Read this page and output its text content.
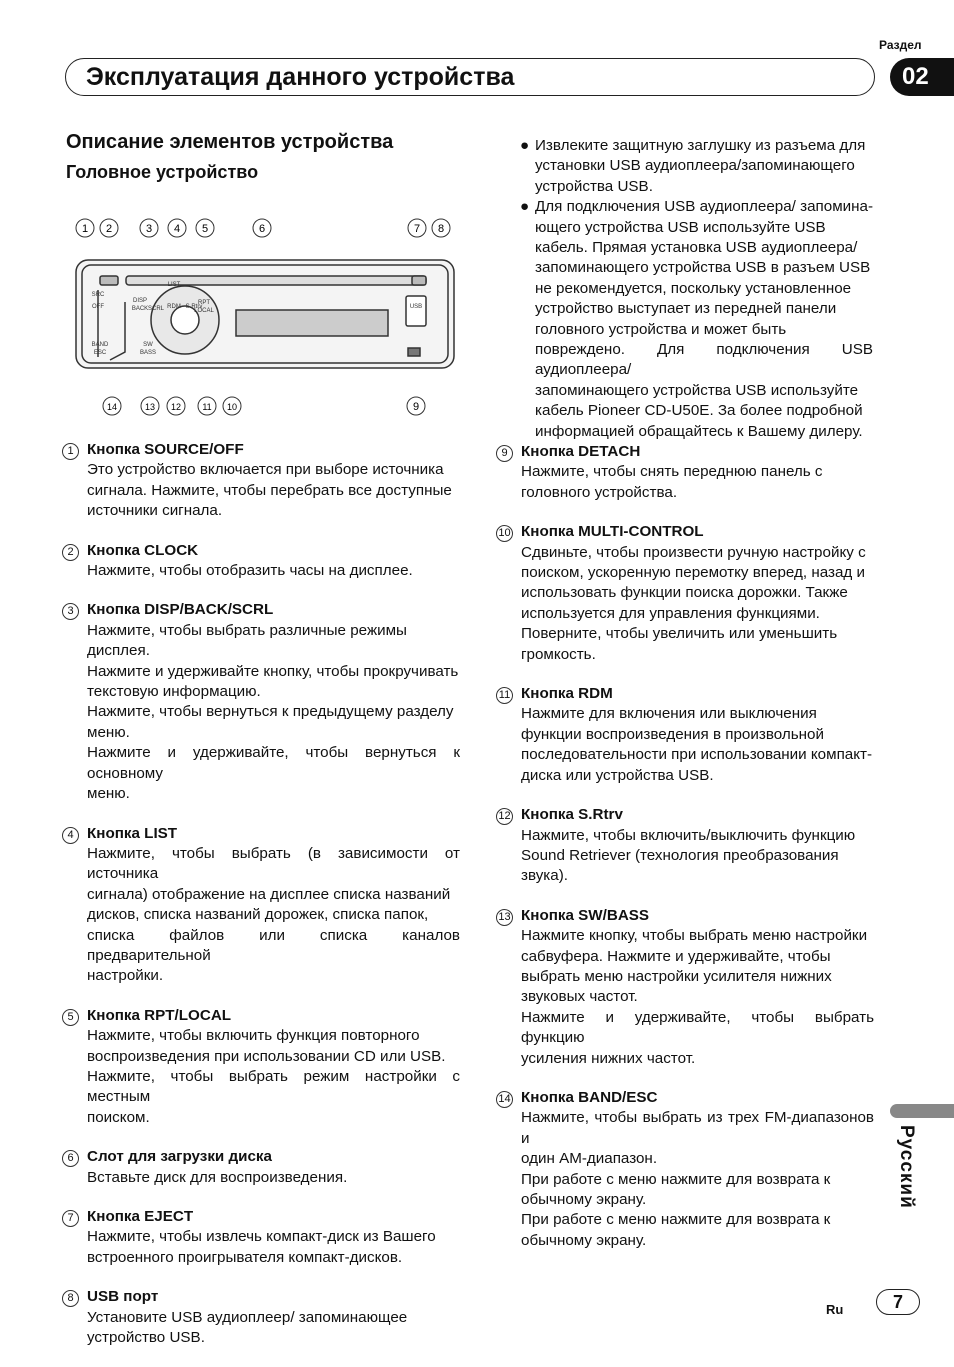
Раздел
Эксплуатация данного устройства	02
Описание элементов устройства
Головное устройство
1 2	3 4 5	6	7 8
14	13 12 11 10	9
SRC
OFF
DISP
BACK SCRL RDM S.Rtrv
SW
BASS
BAND
ESC
USB
LIST
RPT
LOCAL
● Извлеките защитную заглушку из разъема для
установки USB аудиоплеера/запоминающего
устройства USB.
● Для подключения USB аудиоплеера/ запомина-
ющего устройства USB используйте USB
кабель. Прямая установка USB аудиоплеера/
запоминающего устройства USB в разъем USB
не рекомендуется, поскольку установленное
устройство выступает из передней панели
головного устройства и может быть
повреждено. Для подключения USB аудиоплеера/
запоминающего устройства USB используйте
кабель Pioneer CD-U50E. За более подробной
информацией обращайтесь к Вашему дилеру.
1 Кнопка SOURCE/OFF
Это устройство включается при выборе источника
сигнала. Нажмите, чтобы перебрать все доступные
источники сигнала.
2 Кнопка CLOCK
Нажмите, чтобы отобразить часы на дисплее.
3 Кнопка DISP/BACK/SCRL
Нажмите, чтобы выбрать различные режимы
дисплея.
Нажмите и удерживайте кнопку, чтобы прокручивать
текстовую информацию.
Нажмите, чтобы вернуться к предыдущему разделу
меню.
Нажмите и удерживайте, чтобы вернуться к основному
меню.
4 Кнопка LIST
Нажмите, чтобы выбрать (в зависимости от источника
сигнала) отображение на дисплее списка названий
дисков, списка названий дорожек, списка папок,
списка файлов или списка каналов предварительной
настройки.
5 Кнопка RPT/LOCAL
Нажмите, чтобы включить функция повторного
воспроизведения при использовании CD или USB.
Нажмите, чтобы выбрать режим настройки с местным
поиском.
6 Слот для загрузки диска
Вставьте диск для воспроизведения.
7 Кнопка EJECT
Нажмите, чтобы извлечь компакт-диск из Вашего
встроенного проигрывателя компакт-дисков.
8 USB порт
Установите USB аудиоплеер/ запоминающее
устройство USB.
9 Кнопка DETACH
Нажмите, чтобы снять переднюю панель с
головного устройства.
10 Кнопка MULTI-CONTROL
Сдвиньте, чтобы произвести ручную настройку с
поиском, ускоренную перемотку вперед, назад и
использовать функции поиска дорожки. Также
используется для управления функциями.
Поверните, чтобы увеличить или уменьшить
громкость.
11 Кнопка RDM
Нажмите для включения или выключения
функции воспроизведения в произвольной
последовательности при использовании компакт-
диска или устройства USB.
12 Кнопка S.Rtrv
Нажмите, чтобы включить/выключить функцию
Sound Retriever (технология преобразования
звука).
13 Кнопка SW/BASS
Нажмите кнопку, чтобы выбрать меню настройки
сабвуфера. Нажмите и удерживайте, чтобы
выбрать меню настройки усилителя нижних
звуковых частот.
Нажмите и удерживайте, чтобы выбрать функцию
усиления нижних частот.
14 Кнопка BAND/ESC
Нажмите, чтобы выбрать из трех FM-диапазонов и
один AM-диапазон.
При работе с меню нажмите для возврата к
обычному экрану.
При работе с меню нажмите для возврата к
обычному экрану.
Русский
Ru	7
